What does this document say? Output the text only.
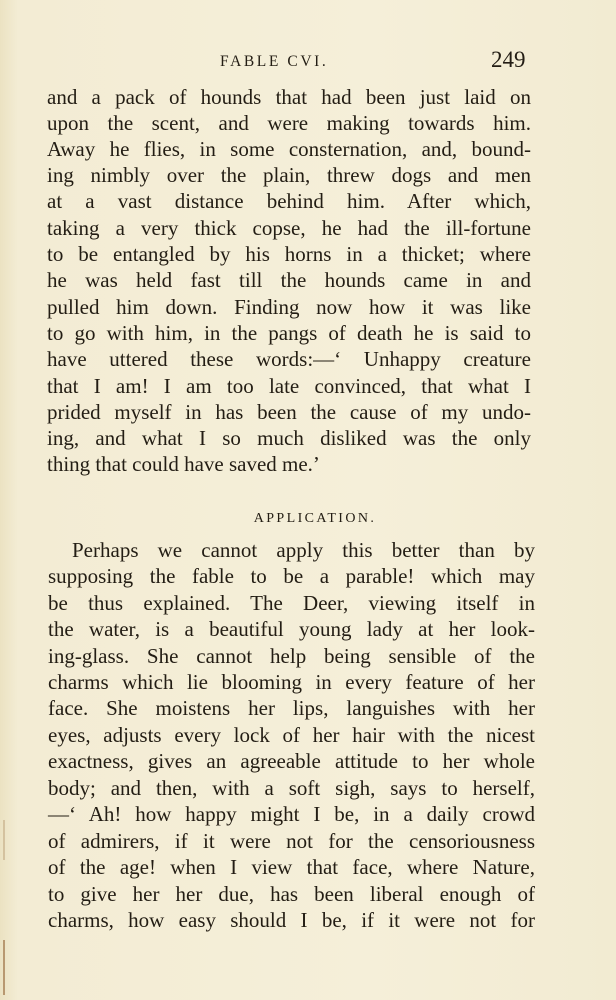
FABLE CVI.	249
and a pack of hounds that had been just laid on
upon the scent, and were making towards him.
Away he flies, in some consternation, and, bound-
ing nimbly over the plain, threw dogs and men
at a vast distance behind him. After which,
taking a very thick copse, he had the ill-fortune
to be entangled by his horns in a thicket; where
he was held fast till the hounds came in and
pulled him down. Finding now how it was like
to go with him, in the pangs of death he is said to
have uttered these words:—‘ Unhappy creature
that I am! I am too late convinced, that what I
prided myself in has been the cause of my undo-
ing, and what I so much disliked was the only
thing that could have saved me.’
APPLICATION.
Perhaps we cannot apply this better than by
supposing the fable to be a parable! which may
be thus explained. The Deer, viewing itself in
the water, is a beautiful young lady at her look-
ing-glass. She cannot help being sensible of the
charms which lie blooming in every feature of her
face. She moistens her lips, languishes with her
eyes, adjusts every lock of her hair with the nicest
exactness, gives an agreeable attitude to her whole
body; and then, with a soft sigh, says to herself,
—‘ Ah! how happy might I be, in a daily crowd
of admirers, if it were not for the censoriousness
of the age! when I view that face, where Nature,
to give her her due, has been liberal enough of
charms, how easy should I be, if it were not for
